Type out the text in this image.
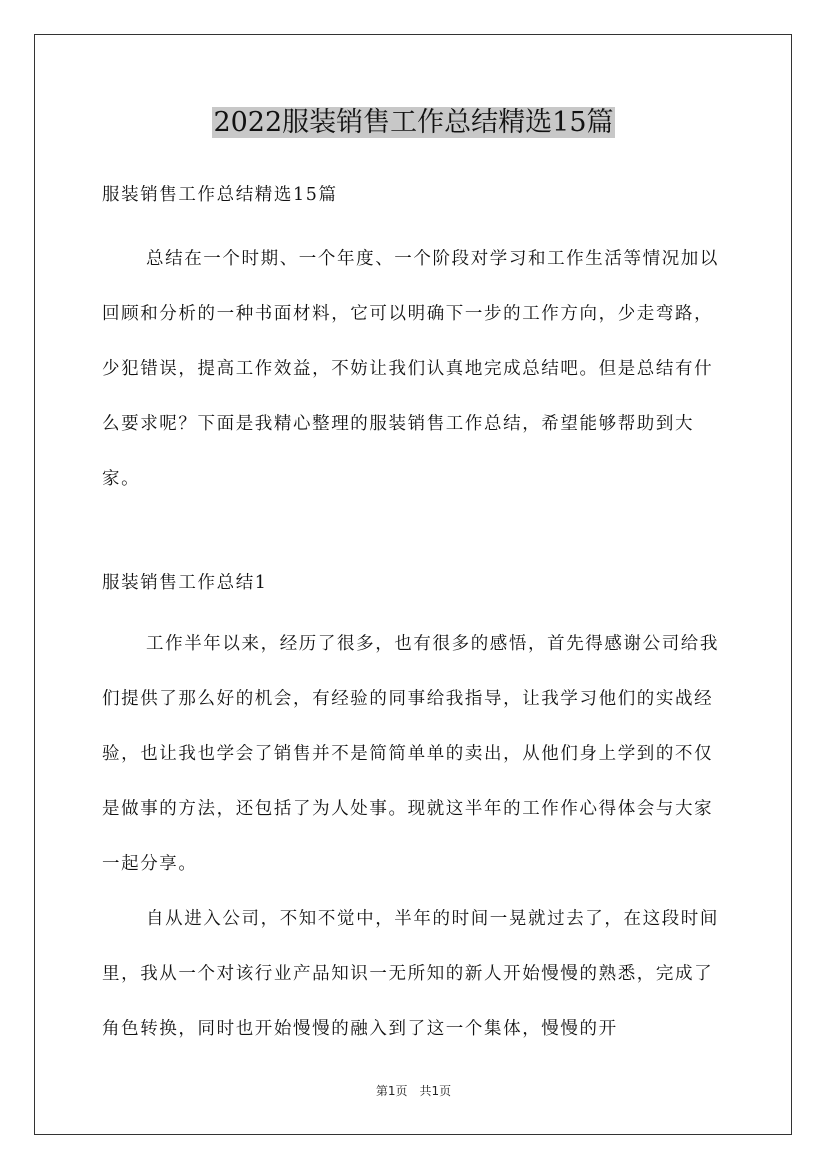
2022服装销售工作总结精选15篇

服装销售工作总结精选15篇

总结在一个时期、一个年度、一个阶段对学习和工作生活等情况加以回顾和分析的一种书面材料，它可以明确下一步的工作方向，少走弯路，少犯错误，提高工作效益，不妨让我们认真地完成总结吧。但是总结有什么要求呢？下面是我精心整理的服装销售工作总结，希望能够帮助到大家。

服装销售工作总结1

工作半年以来，经历了很多，也有很多的感悟，首先得感谢公司给我们提供了那么好的机会，有经验的同事给我指导，让我学习他们的实战经验，也让我也学会了销售并不是简简单单的卖出，从他们身上学到的不仅是做事的方法，还包括了为人处事。现就这半年的工作作心得体会与大家一起分享。

自从进入公司，不知不觉中，半年的时间一晃就过去了，在这段时间里，我从一个对该行业产品知识一无所知的新人开始慢慢的熟悉，完成了角色转换，同时也开始慢慢的融入到了这一个集体，慢慢的开

第1页　共1页
